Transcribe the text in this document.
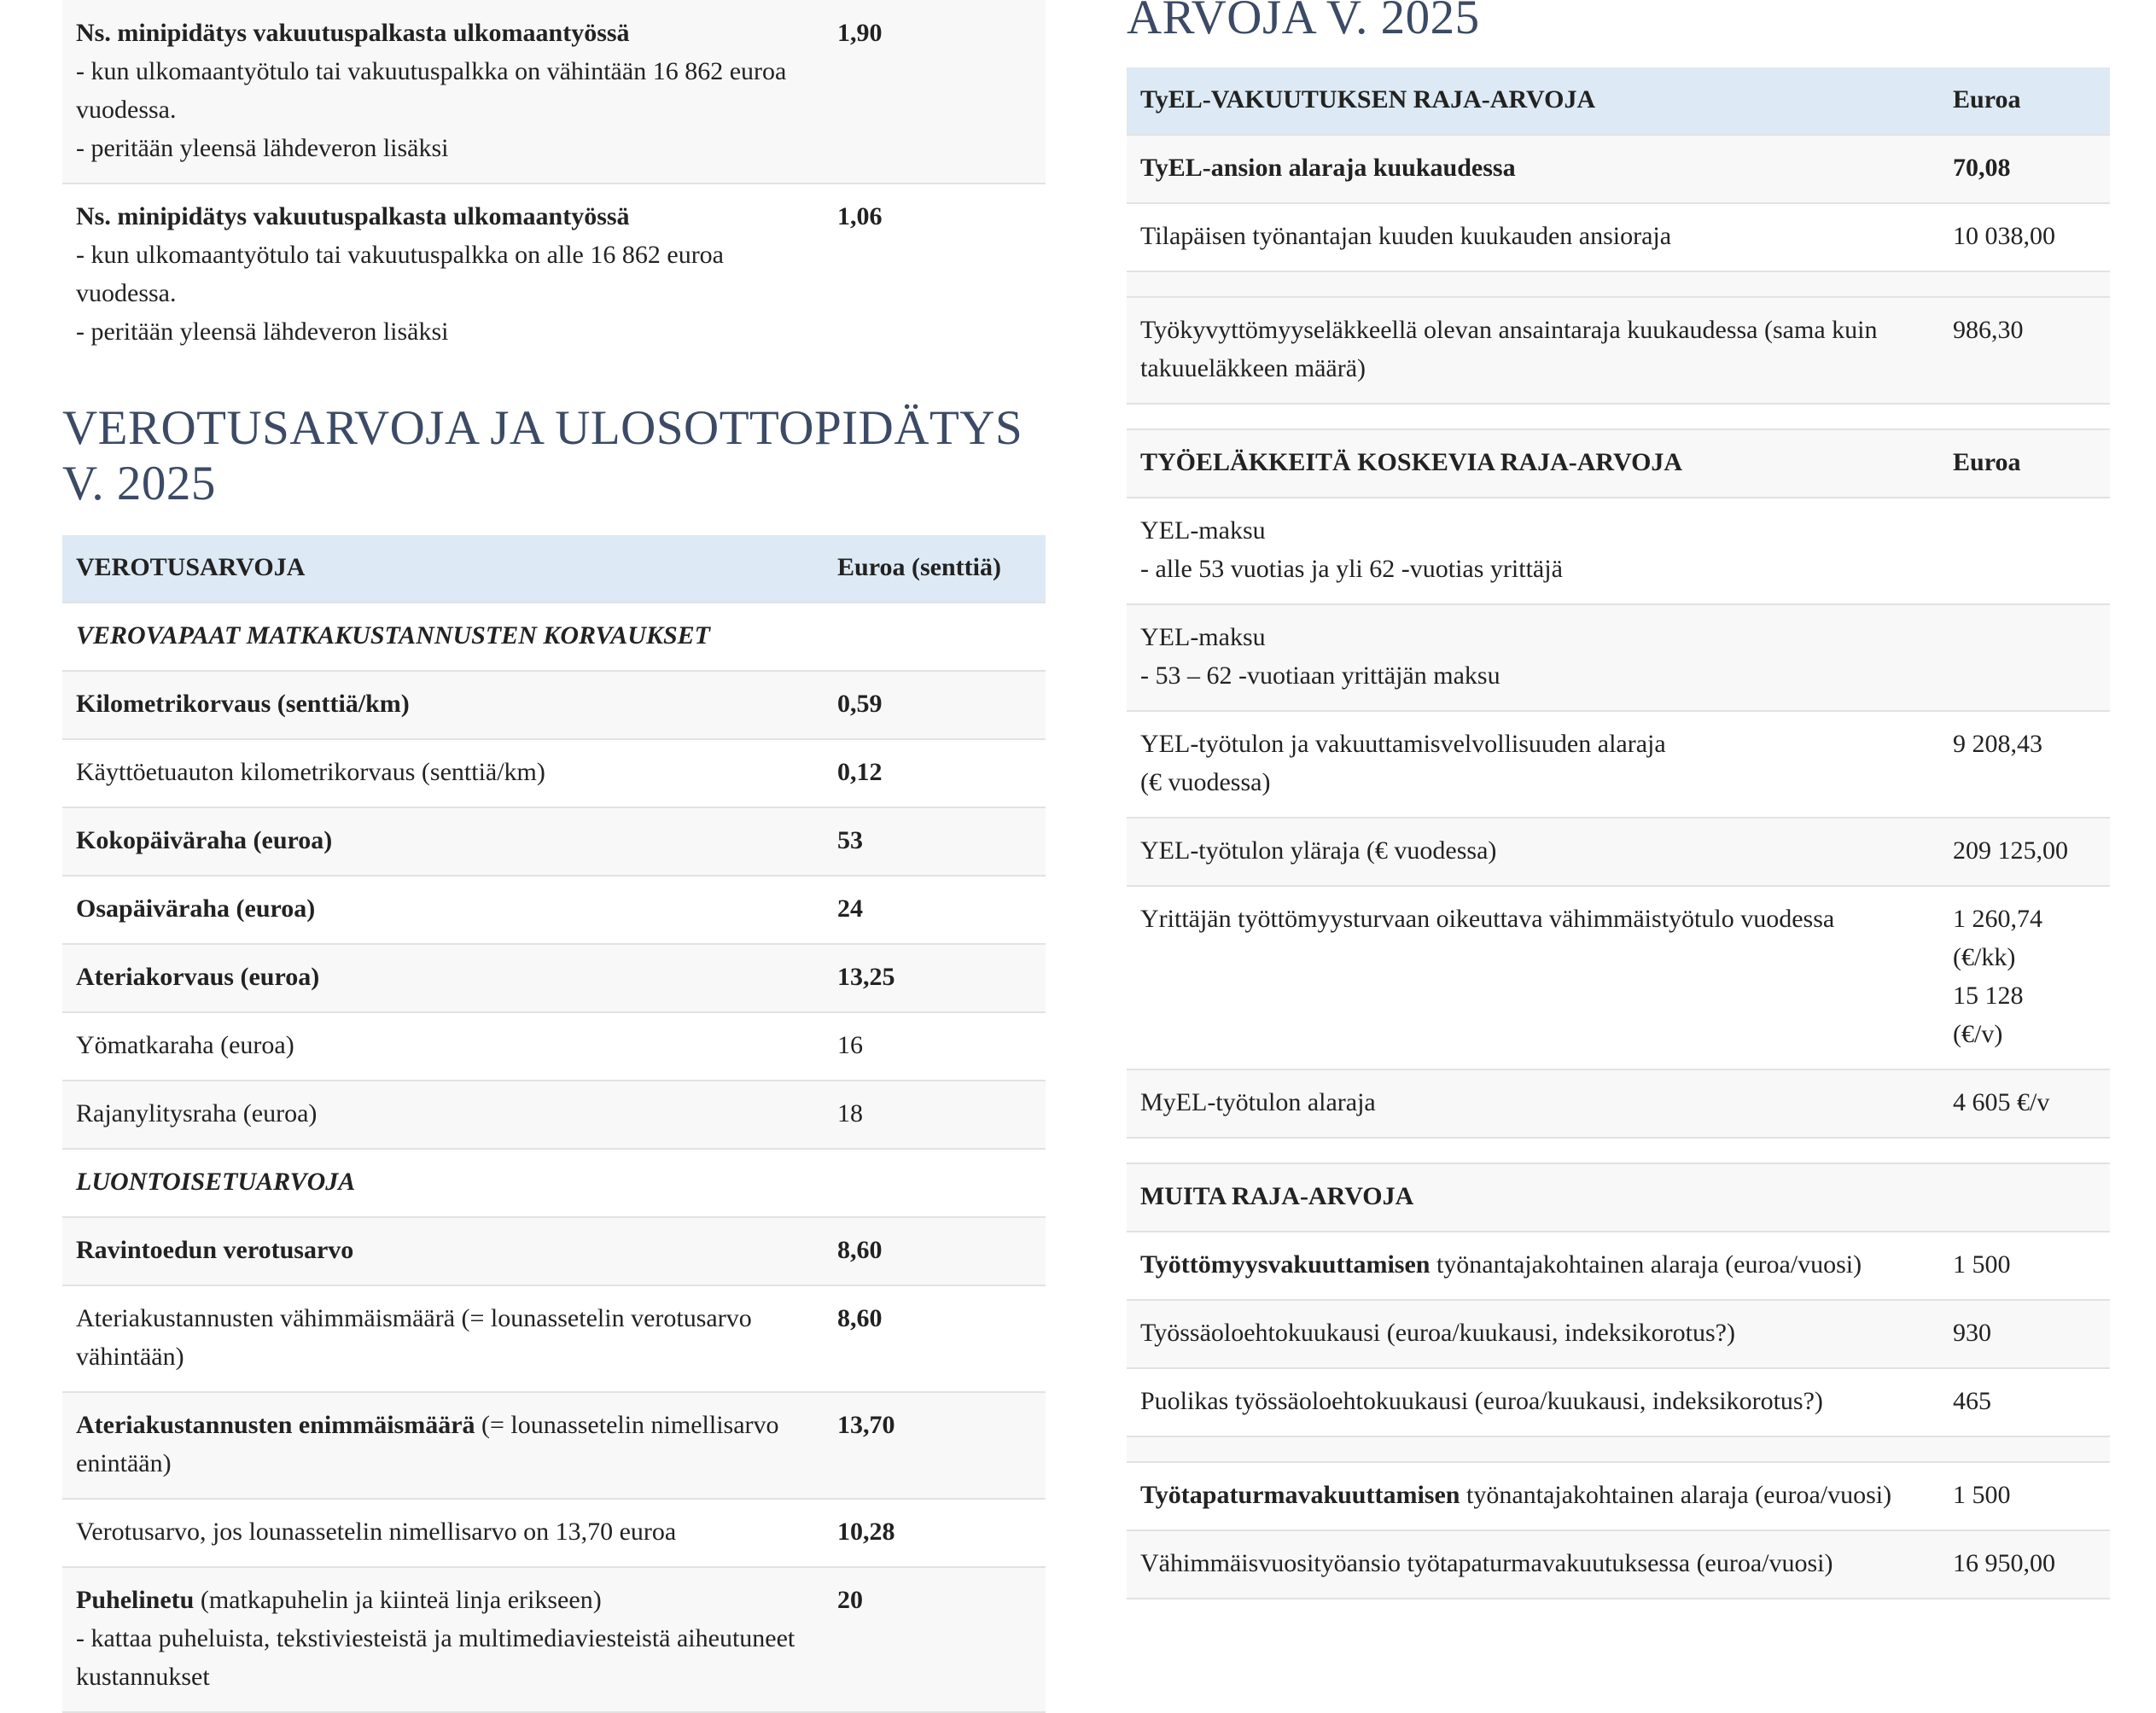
Ns. minipidätys vakuutuspalkasta ulkomaantyössä
- kun ulkomaantyötulo tai vakuutuspalkka on vähintään 16 862 euroa vuodessa.
- peritään yleensä lähdeveron lisäksi	1,90

Ns. minipidätys vakuutuspalkasta ulkomaantyössä
- kun ulkomaantyötulo tai vakuutuspalkka on alle 16 862 euroa vuodessa.
- peritään yleensä lähdeveron lisäksi	1,06
VEROTUSARVOJA JA ULOSOTTOPIDÄTYS V. 2025
VEROTUSARVOJA	Euroa (senttiä)
VEROVAPAAT MATKAKUSTANNUSTEN KORVAUKSET	
Kilometrikorvaus (senttiä/km)	0,59
Käyttöetuauton kilometrikorvaus (senttiä/km)	0,12
Kokopäiväraha (euroa)	53
Osapäiväraha (euroa)	24
Ateriakorvaus (euroa)	13,25
Yömatkaraha (euroa)	16
Rajanylitysraha (euroa)	18
LUONTOISETUARVOJA	
Ravintoedun verotusarvo	8,60
Ateriakustannusten vähimmäismäärä (= lounassetelin verotusarvo vähintään)	8,60
Ateriakustannusten enimmäismäärä (= lounassetelin nimellisarvo enintään)	13,70
Verotusarvo, jos lounassetelin nimellisarvo on 13,70 euroa	10,28
Puhelinetu (matkapuhelin ja kiinteä linja erikseen)
- kattaa puheluista, tekstiviesteistä ja multimediaviesteistä aiheutuneet kustannukset	20
ARVOJA V. 2025
TyEL-VAKUUTUKSEN RAJA-ARVOJA	Euroa
TyEL-ansion alaraja kuukaudessa	70,08
Tilapäisen työnantajan kuuden kuukauden ansioraja	10 038,00

Työkyvyttömyyseläkkeellä olevan ansaintaraja kuukaudessa (sama kuin takuueläkkeen määrä)	986,30

TYÖELÄKKEITÄ KOSKEVIA RAJA-ARVOJA	Euroa

YEL-maksu
- alle 53 vuotias ja yli 62 -vuotias yrittäjä	

YEL-maksu
- 53 – 62 -vuotiaan yrittäjän maksu	

YEL-työtulon ja vakuuttamisvelvollisuuden alaraja
(€ vuodessa)	9 208,43
YEL-työtulon yläraja (€ vuodessa)	209 125,00
Yrittäjän työttömyysturvaan oikeuttava vähimmäistyötulo vuodessa	1 260,74
(€/kk)
15 128
(€/v)

MyEL-työtulon alaraja	4 605 €/v

MUITA RAJA-ARVOJA	
Työttömyysvakuuttamisen työnantajakohtainen alaraja (euroa/vuosi)	1 500
Työssäoloehtokuukausi (euroa/kuukausi, indeksikorotus?)	930
Puolikas työssäoloehtokuukausi (euroa/kuukausi, indeksikorotus?)	465

Työtapaturmavakuuttamisen työnantajakohtainen alaraja (euroa/vuosi)	1 500
Vähimmäisvuosityöansio työtapaturmavakuutuksessa (euroa/vuosi)	16 950,00
